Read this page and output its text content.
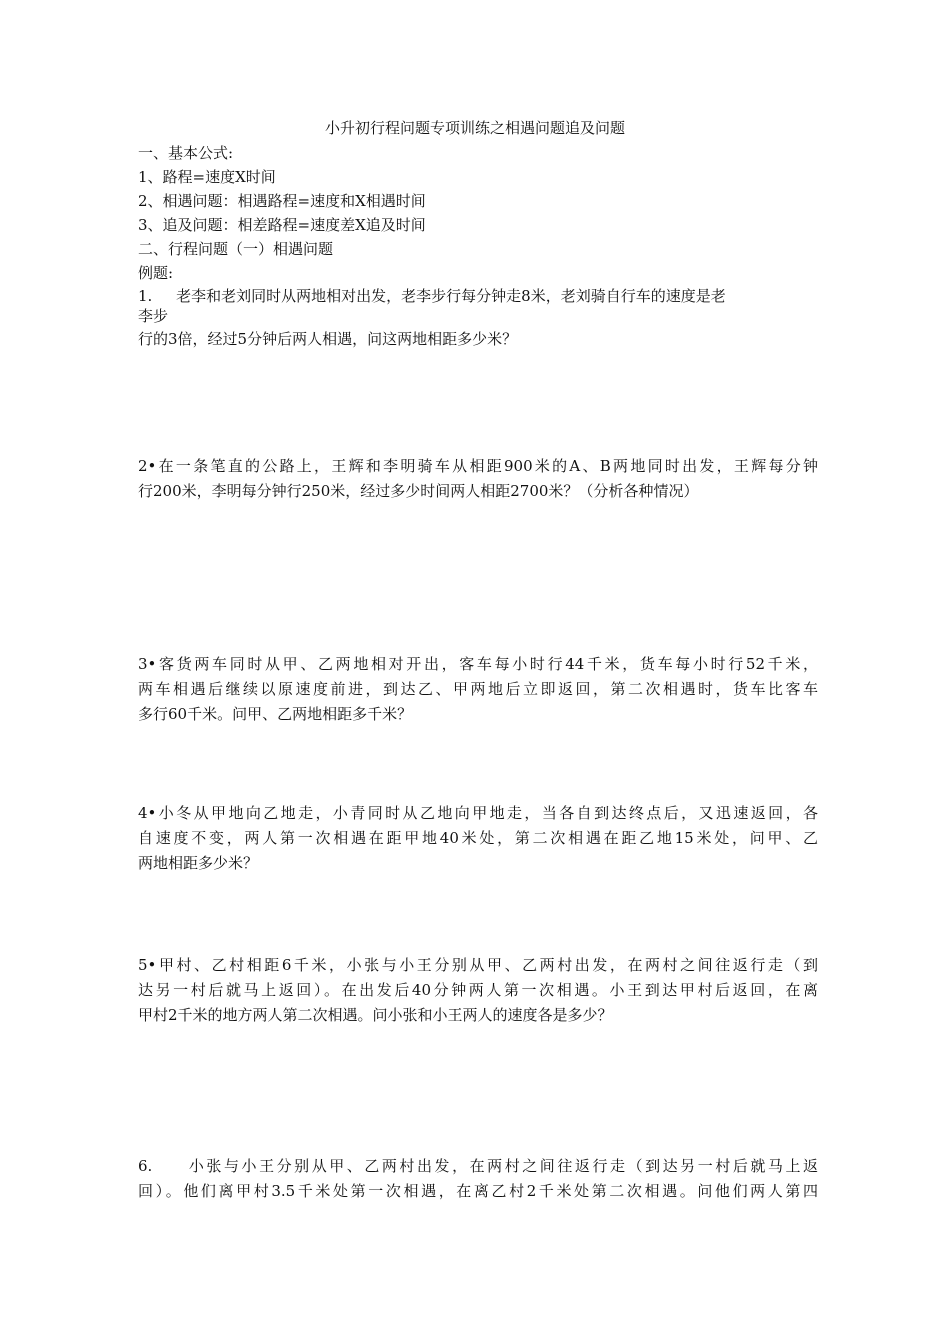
小升初行程问题专项训练之相遇问题追及问题
一、基本公式:
1、路程=速度X时间
2、相遇问题：相遇路程=速度和X相遇时间
3、追及问题：相差路程=速度差X追及时间
二、行程问题（一）相遇问题
例题:
1.     老李和老刘同时从两地相对出发，老李步行每分钟走8米，老刘骑自行车的速度是老
李步
行的3倍，经过5分钟后两人相遇，问这两地相距多少米？
2•在一条笔直的公路上，王辉和李明骑车从相距900米的A、B两地同时出发，王辉每分钟
行200米，李明每分钟行250米，经过多少时间两人相距2700米？（分析各种情况）
3•客货两车同时从甲、乙两地相对开出，客车每小时行44千米，货车每小时行52千米，
两车相遇后继续以原速度前进，到达乙、甲两地后立即返回，第二次相遇时，货车比客车
多行60千米。问甲、乙两地相距多千米？
4•小冬从甲地向乙地走，小青同时从乙地向甲地走，当各自到达终点后，又迅速返回，各
自速度不变，两人第一次相遇在距甲地40米处，第二次相遇在距乙地15米处，问甲、乙
两地相距多少米？
5•甲村、乙村相距6千米，小张与小王分别从甲、乙两村出发，在两村之间往返行走（到
达另一村后就马上返回）。在出发后40分钟两人第一次相遇。小王到达甲村后返回，在离
甲村2千米的地方两人第二次相遇。问小张和小王两人的速度各是多少？
6.     小张与小王分别从甲、乙两村出发，在两村之间往返行走（到达另一村后就马上返
回）。他们离甲村3.5千米处第一次相遇，在离乙村2千米处第二次相遇。问他们两人第四
